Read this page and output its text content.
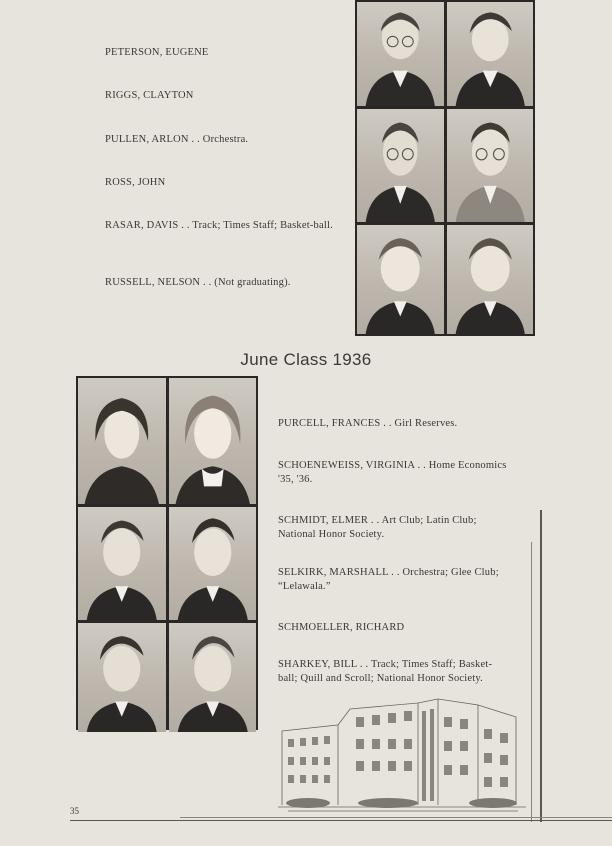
PETERSON, EUGENE
RIGGS, CLAYTON
PULLEN, ARLON . . Orchestra.
ROSS, JOHN
RASAR, DAVIS . . Track; Times Staff; Basket-ball.
RUSSELL, NELSON . . (Not graduating).
June Class 1936
PURCELL, FRANCES . . Girl Reserves.
SCHOENEWEISS, VIRGINIA . . Home Economics '35, '36.
SCHMIDT, ELMER . . Art Club; Latin Club; National Honor Society.
SELKIRK, MARSHALL . . Orchestra; Glee Club; “Lelawala.”
SCHMOELLER, RICHARD
SHARKEY, BILL . . Track; Times Staff; Basket-ball; Quill and Scroll; National Honor Society.
35
